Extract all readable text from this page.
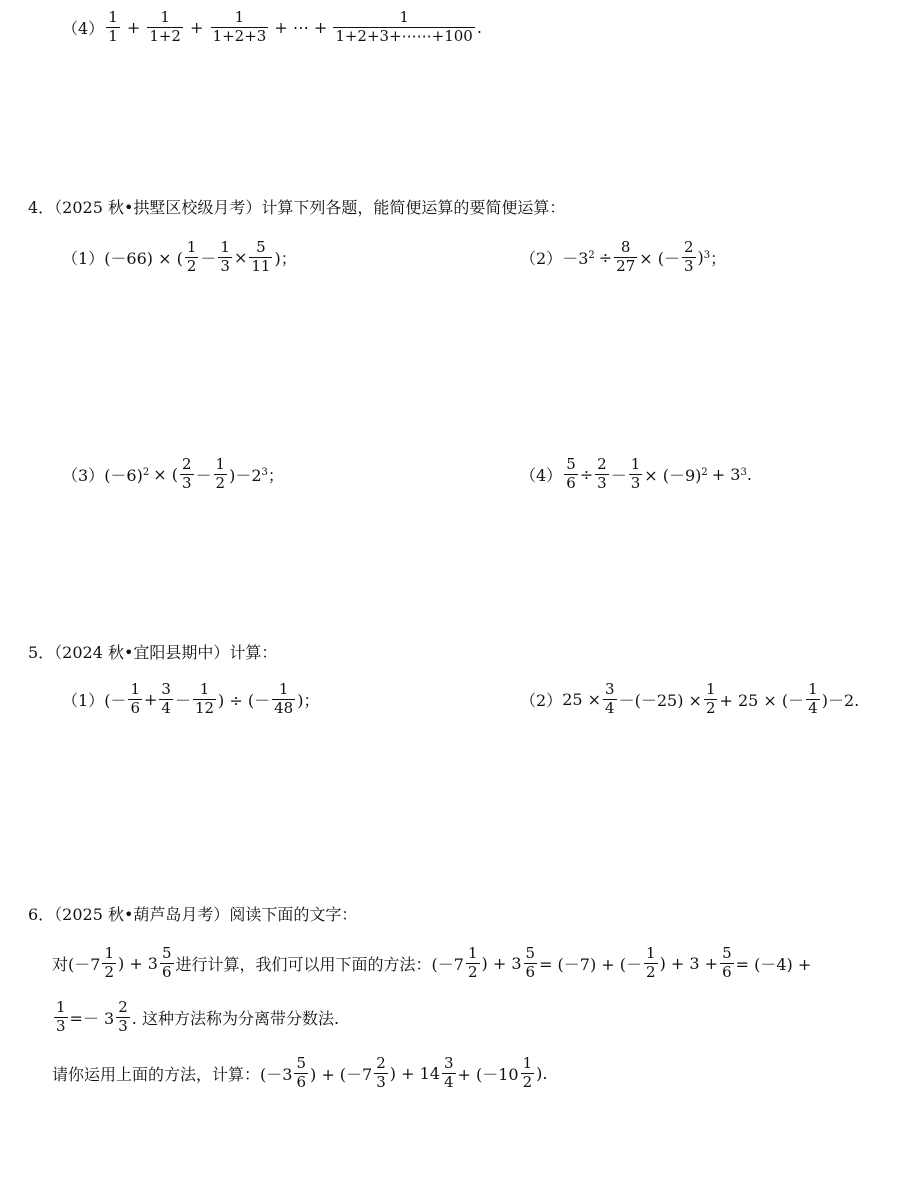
$(4) \frac{1}{1} + \frac{1}{1+2} + \frac{1}{1+2+3}$ + ⋯ + $\frac{1}{1+2+3+\cdots\cdots+100}$ .
4．（2025 秋•拱墅区校级月考）计算下列各题，能简便运算的要简便运算：
（1） (－66) × ( $\frac{1}{2} - \frac{1}{3} \times \frac{5}{11}$ )；	$(2) -3^2 \div \frac{8}{27}$ × (－ $\frac{2}{3} )^3$ ；
（3） $(-6)^2$ × ( $\frac{2}{3} - \frac{1}{2} )-2^3$ ；	$(4) \frac{5}{6} \div \frac{2}{3} - \frac{1}{3} \times (-9)^2 + 3^3$ .
5．（2024 秋•宜阳县期中）计算：
（1） (－ $\frac{1}{6} + \frac{3}{4} - \frac{1}{12}$ ) ÷ (－ $\frac{1}{48}$ )；	（2） $25 \times \frac{3}{4} -(-25) \times \frac{1}{2} + 25$ × (－ $\frac{1}{4} )-2$.
6．（2025 秋•葫芦岛月考）阅读下面的文字：
对($-7 \frac{1}{2}$ ) + $3 \frac{5}{6}$ 进行计算，我们可以用下面的方法：($-7 \frac{1}{2}$ ) + $3 \frac{5}{6} = (-7)$ + (－ $\frac{1}{2}$ ) + $3 + \frac{5}{6} = (-4)$ +
$\frac{1}{3} =- 3 \frac{2}{3}$ . 这种方法称为分离带分数法.
请你运用上面的方法，计算：($-3 \frac{5}{6}$ ) + ($-7 \frac{2}{3}$ ) + $14 \frac{3}{4} + (-10 \frac{1}{2}$ ).
